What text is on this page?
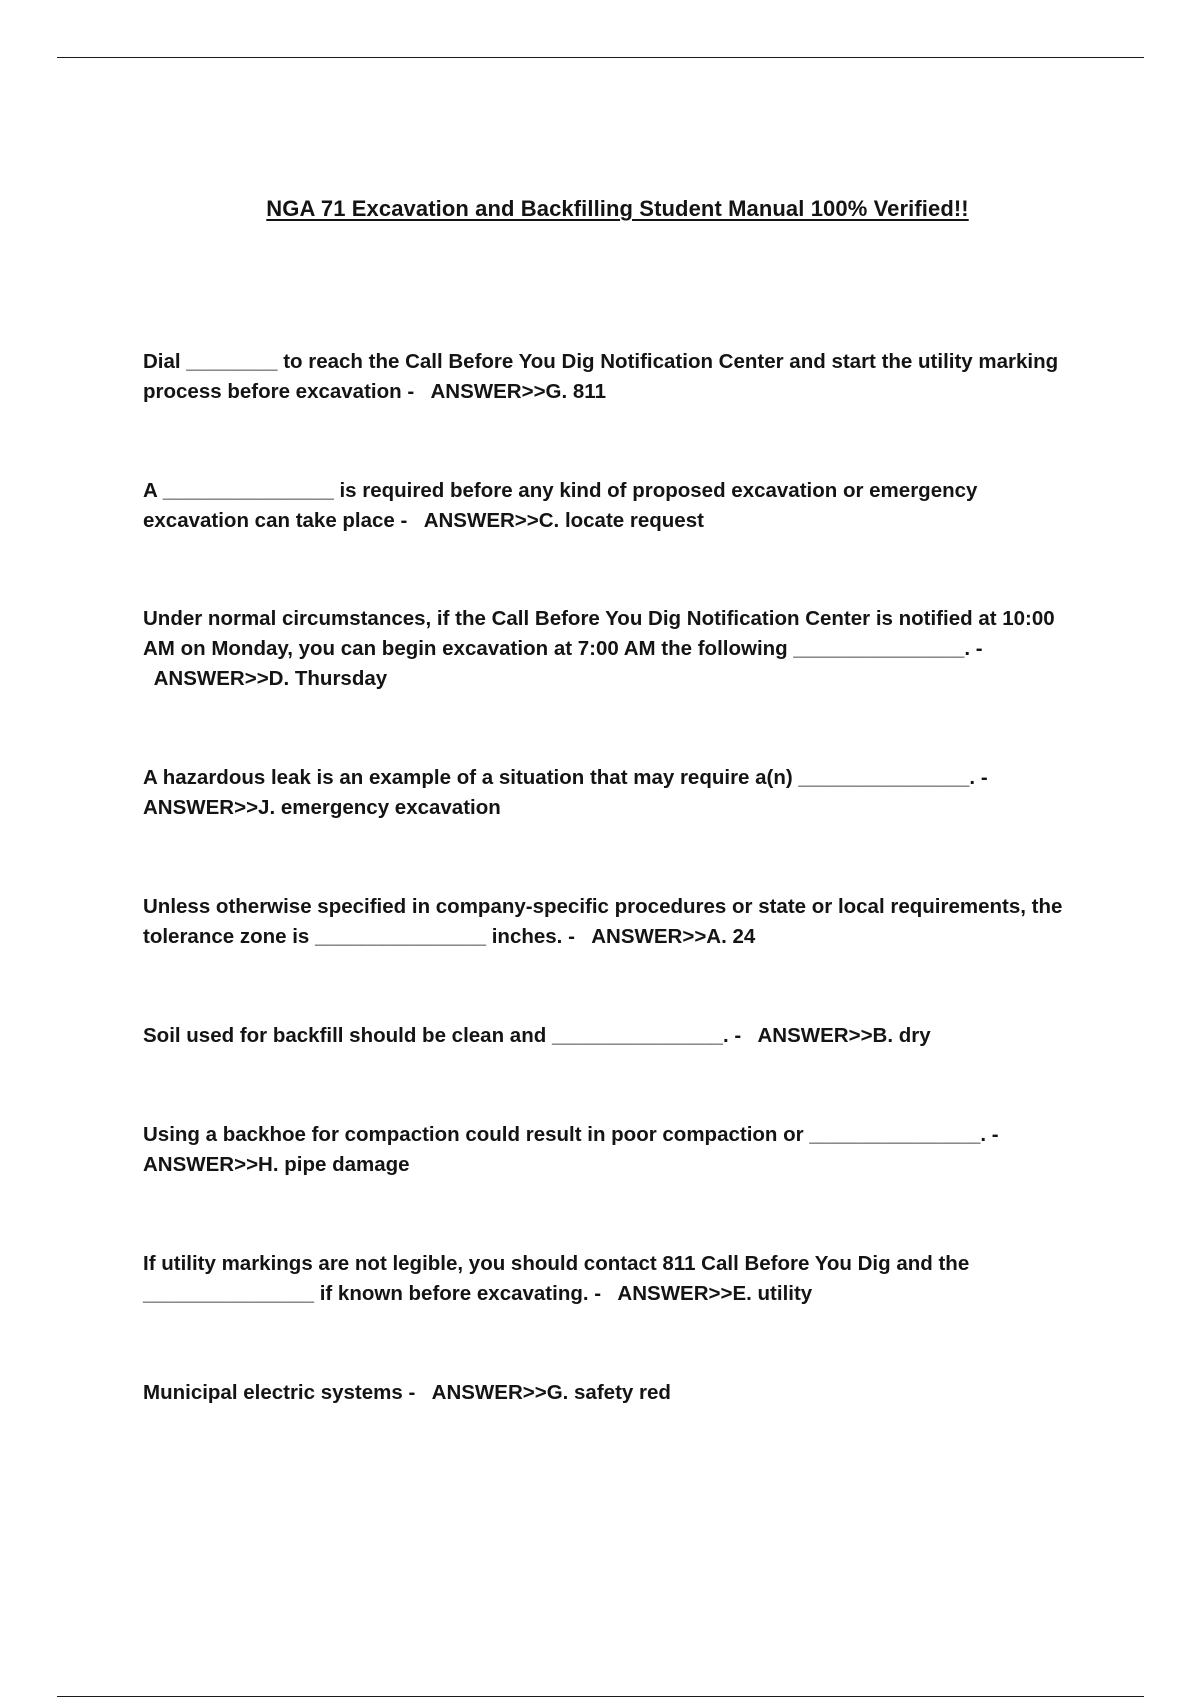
NGA 71 Excavation and Backfilling Student Manual 100% Verified!!

Dial ________ to reach the Call Before You Dig Notification Center and start the utility marking process before excavation -   ANSWER>>G. 811

A _______________ is required before any kind of proposed excavation or emergency excavation can take place -   ANSWER>>C. locate request

Under normal circumstances, if the Call Before You Dig Notification Center is notified at 10:00 AM on Monday, you can begin excavation at 7:00 AM the following _______________. -   ANSWER>>D. Thursday

A hazardous leak is an example of a situation that may require a(n) _______________. - ANSWER>>J. emergency excavation

Unless otherwise specified in company-specific procedures or state or local requirements, the tolerance zone is _______________ inches. -   ANSWER>>A. 24

Soil used for backfill should be clean and _______________. -   ANSWER>>B. dry

Using a backhoe for compaction could result in poor compaction or _______________. - ANSWER>>H. pipe damage

If utility markings are not legible, you should contact 811 Call Before You Dig and the _______________ if known before excavating. -   ANSWER>>E. utility

Municipal electric systems -   ANSWER>>G. safety red
